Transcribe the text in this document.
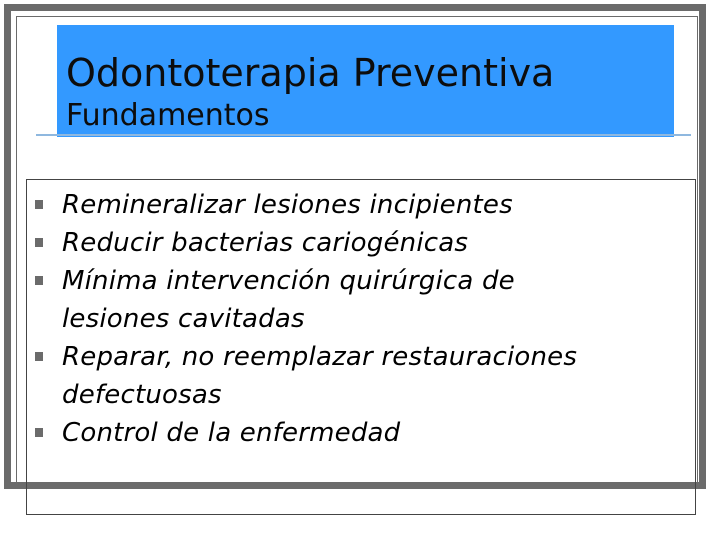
Odontoterapia Preventiva
Fundamentos
Remineralizar lesiones incipientes
Reducir bacterias cariogénicas
Mínima intervención quirúrgica de
lesiones cavitadas
Reparar, no reemplazar restauraciones
defectuosas
Control de la enfermedad
